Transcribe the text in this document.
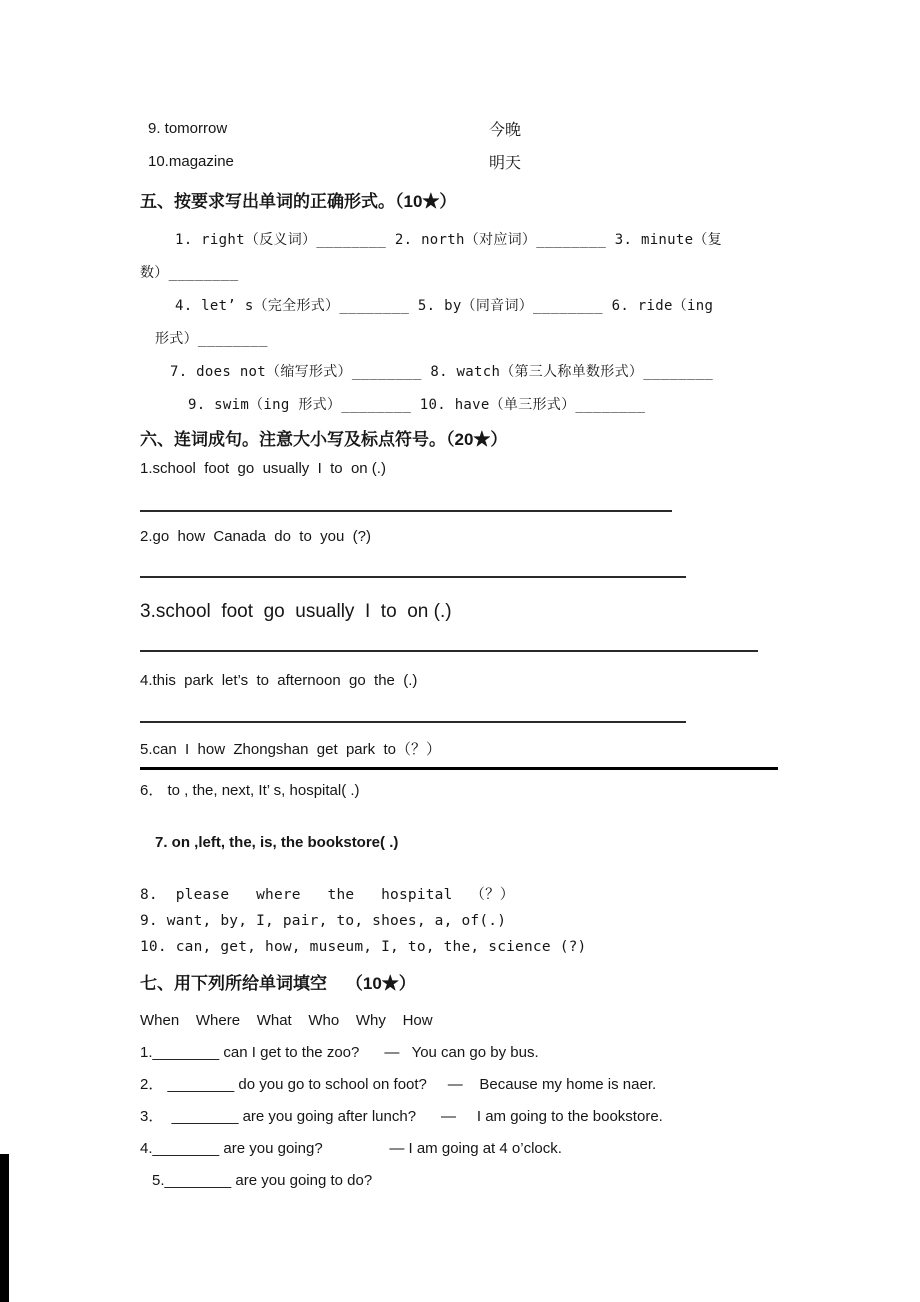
9. tomorrow	今晚
10.magazine	明天
五、按要求写出单词的正确形式。（10★）

1. right（反义词）________ 2. north（对应词）________ 3. minute（复

数）________

4. let’ s（完全形式）________ 5. by（同音词）________ 6. ride（ing

形式）________

7. does not（缩写形式）________ 8. watch（第三人称单数形式）________

9. swim（ing 形式）________ 10. have（单三形式）________

六、连词成句。注意大小写及标点符号。（20★）

1.school  foot  go  usually  I  to  on (.)

2.go  how  Canada  do  to  you  (?)

3.school  foot  go  usually  I  to  on (.)

4.this  park  let’s  to  afternoon  go  the  (.)

5.can  I  how  Zhongshan  get  park  to（？）

6． to , the, next, It’ s, hospital( .)

7. on ,left, the, is, the bookstore( .)

8.  please   where   the   hospital  （？）

9. want, by, I, pair, to, shoes, a, of(.)

10. can, get, how, museum, I, to, the, science (?)

七、用下列所给单词填空    （10★）

When    Where    What    Who    Why    How

1.________ can I get to the zoo?      —   You can go by bus.

2． ________ do you go to school on foot?     —    Because my home is naer.

3．  ________ are you going after lunch?      —     I am going to the bookstore.

4.________ are you going?                — I am going at 4 o’clock.

5.________ are you going to do?
